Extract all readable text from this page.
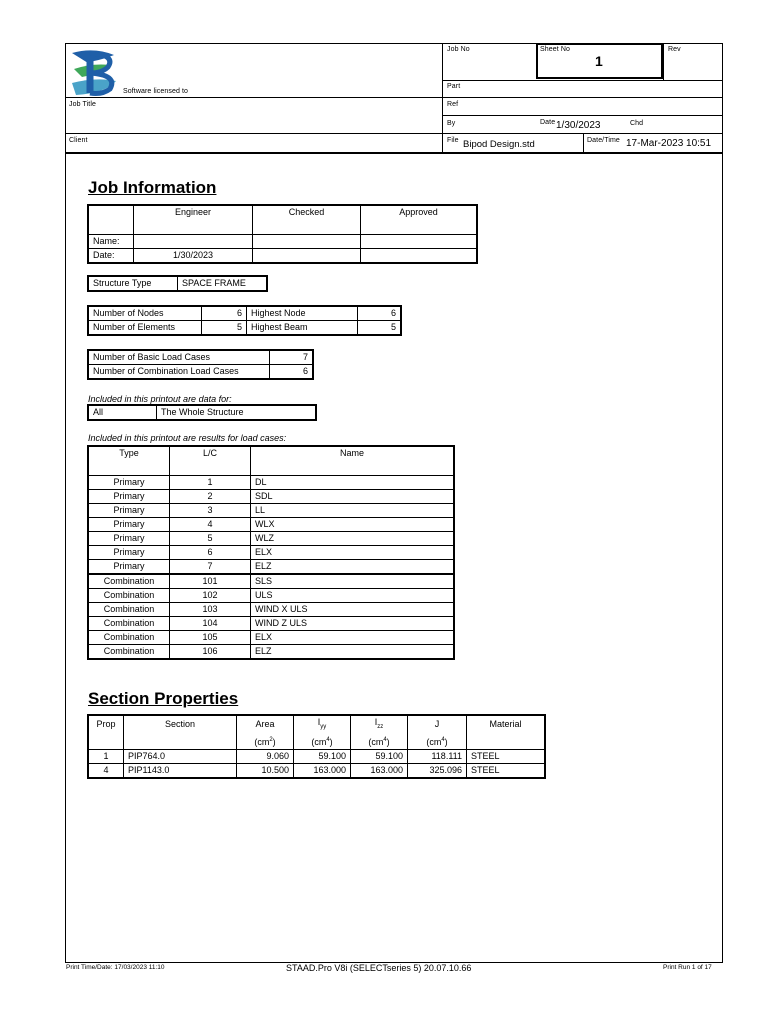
Software licensed to
Job Title
Client
Job No	Sheet No
1
Rev
Part
Ref
By	Date 1/30/2023	Chd
File Bipod Design.std	Date/Time 17-Mar-2023 10:51
Job Information
	Engineer	Checked	Approved
Name:			
Date:	1/30/2023		
Structure Type	SPACE FRAME
Number of Nodes	6	Highest Node	6
Number of Elements	5	Highest Beam	5
Number of Basic Load Cases	7
Number of Combination Load Cases	6
Included in this printout are data for:
All	The Whole Structure
Included in this printout are results for load cases:
Type	L/C	Name
Primary	1	DL
Primary	2	SDL
Primary	3	LL
Primary	4	WLX
Primary	5	WLZ
Primary	6	ELX
Primary	7	ELZ
Combination	101	SLS
Combination	102	ULS
Combination	103	WIND X ULS
Combination	104	WIND Z ULS
Combination	105	ELX
Combination	106	ELZ
Section Properties
Prop	Section	Area	$I_{yy}$	$I_{zz}$	J	Material
		$(cm^2)$	$(cm^4)$	$(cm^4)$	$(cm^4)$	
1	PIP764.0	9.060	59.100	59.100	118.111	STEEL
4	PIP1143.0	10.500	163.000	163.000	325.096	STEEL
Print Time/Date: 17/03/2023 11:10	STAAD.Pro V8i (SELECTseries 5) 20.07.10.66	Print Run 1 of 17
